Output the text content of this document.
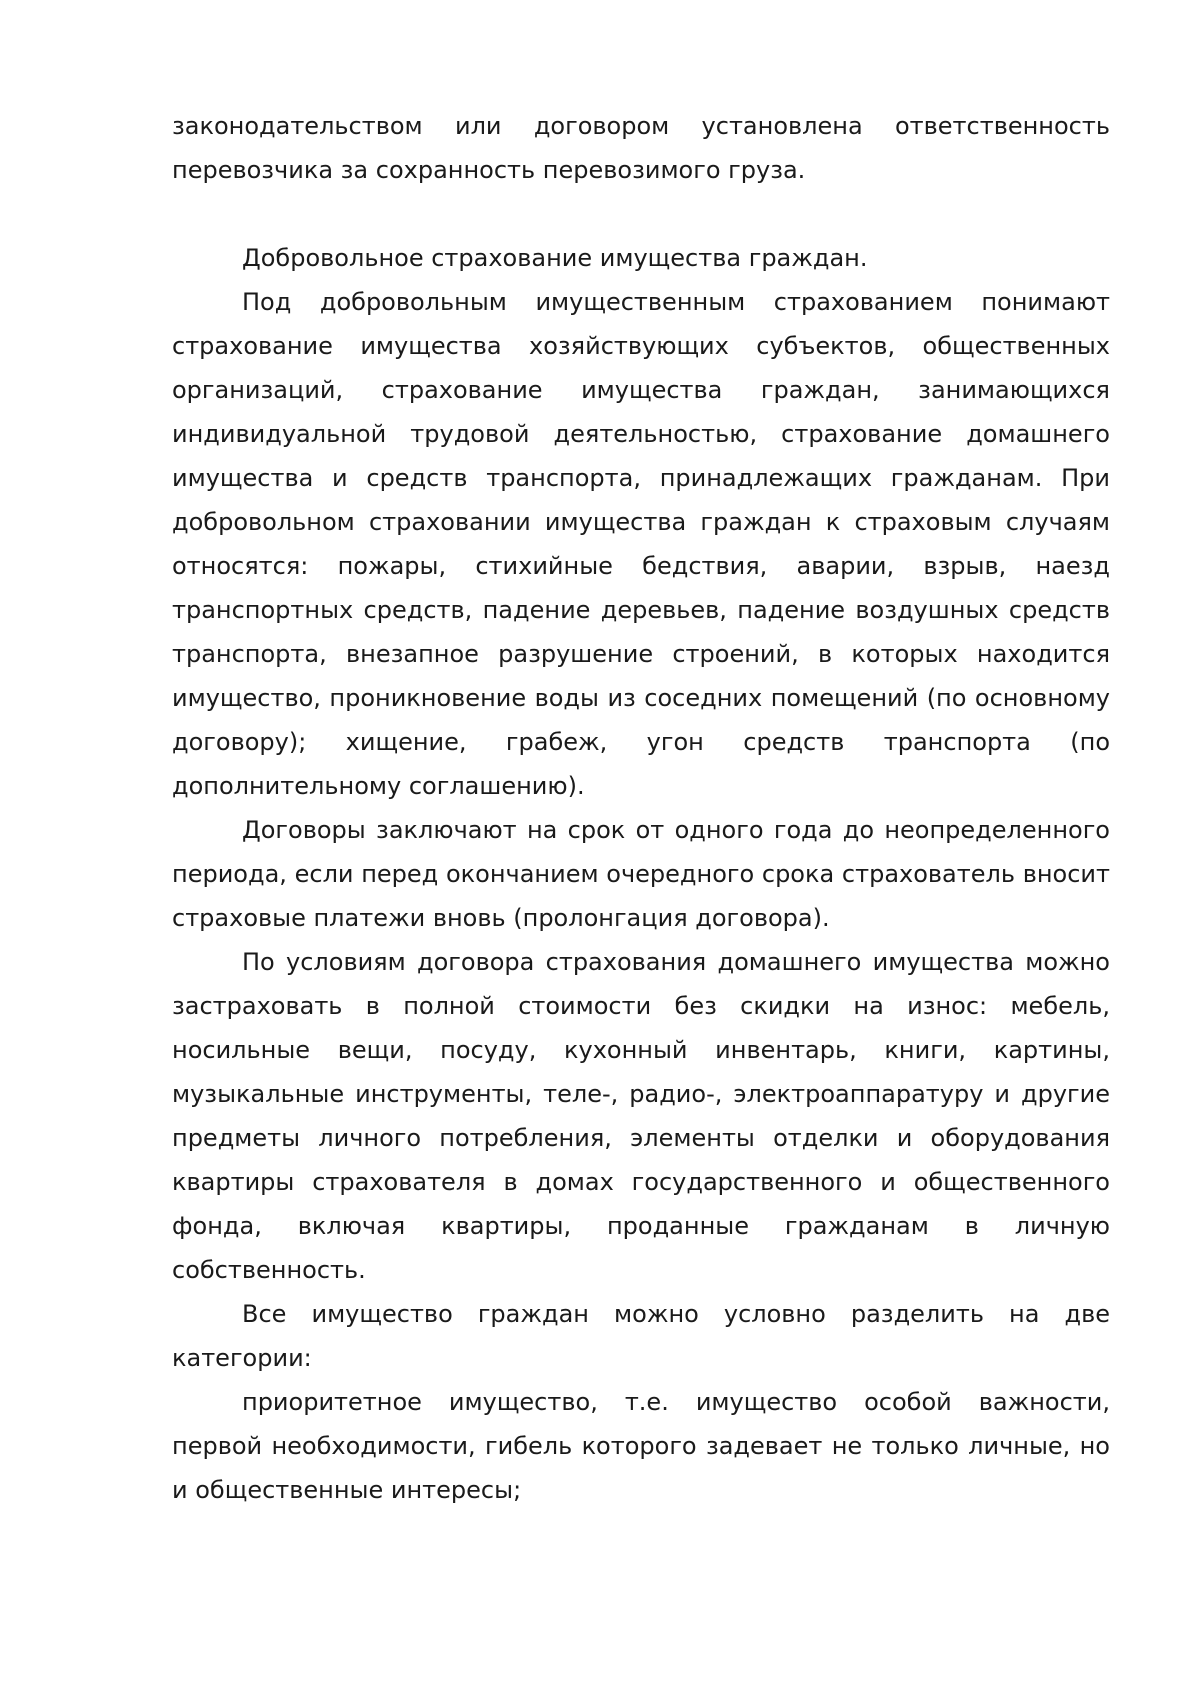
законодательством или договором установлена ответственность перевозчика за сохранность перевозимого груза.

Добровольное страхование имущества граждан.

Под добровольным имущественным страхованием понимают страхование имущества хозяйствующих субъектов, общественных организаций, страхование имущества граждан, занимающихся индивидуальной трудовой деятельностью, страхование домашнего имущества и средств транспорта, принадлежащих гражданам. При добровольном страховании имущества граждан к страховым случаям относятся: пожары, стихийные бедствия, аварии, взрыв, наезд транспортных средств, падение деревьев, падение воздушных средств транспорта, внезапное разрушение строений, в которых находится имущество, проникновение воды из соседних помещений (по основному договору); хищение, грабеж, угон средств транспорта (по дополнительному соглашению).

Договоры заключают на срок от одного года до неопределенного периода, если перед окончанием очередного срока страхователь вносит страховые платежи вновь (пролонгация договора).

По условиям договора страхования домашнего имущества можно застраховать в полной стоимости без скидки на износ: мебель, носильные вещи, посуду, кухонный инвентарь, книги, картины, музыкальные инструменты, теле-, радио-, электроаппаратуру и другие предметы личного потребления, элементы отделки и оборудования квартиры страхователя в домах государственного и общественного фонда, включая квартиры, проданные гражданам в личную собственность.

Все имущество граждан можно условно разделить на две категории:

приоритетное имущество, т.е. имущество особой важности, первой необходимости, гибель которого задевает не только личные, но и общественные интересы;
